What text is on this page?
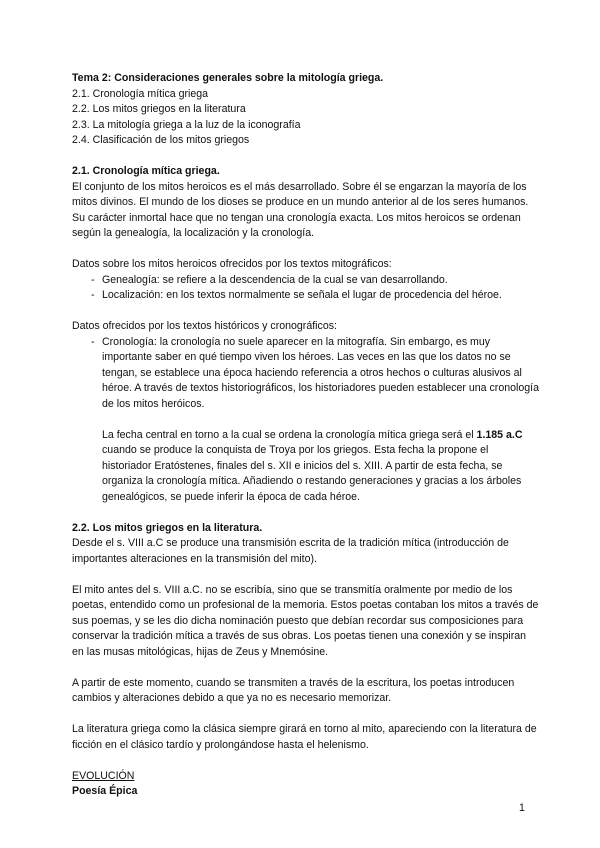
Tema 2: Consideraciones generales sobre la mitología griega.

2.1. Cronología mítica griega

2.2. Los mitos griegos en la literatura

2.3. La mitología griega a la luz de la iconografía

2.4. Clasificación de los mitos griegos

2.1. Cronología mítica griega.

El conjunto de los mitos heroicos es el más desarrollado. Sobre él se engarzan la mayoría de los mitos divinos. El mundo de los dioses se produce en un mundo anterior al de los seres humanos. Su carácter inmortal hace que no tengan una cronología exacta. Los mitos heroicos se ordenan según la genealogía, la localización y la cronología.

Datos sobre los mitos heroicos ofrecidos por los textos mitográficos:

- Genealogía: se refiere a la descendencia de la cual se van desarrollando.
- Localización: en los textos normalmente se señala el lugar de procedencia del héroe.

Datos ofrecidos por los textos históricos y cronográficos:

- Cronología: la cronología no suele aparecer en la mitografía. Sin embargo, es muy importante saber en qué tiempo viven los héroes. Las veces en las que los datos no se tengan, se establece una época haciendo referencia a otros hechos o culturas alusivos al héroe. A través de textos historiográficos, los historiadores pueden establecer una cronología de los mitos heróicos.

La fecha central en torno a la cual se ordena la cronología mítica griega será el 1.185 a.C cuando se produce la conquista de Troya por los griegos. Esta fecha la propone el historiador Eratóstenes, finales del s. XII e inicios del s. XIII. A partir de esta fecha, se organiza la cronología mítica. Añadiendo o restando generaciones y gracias a los árboles genealógicos, se puede inferir la época de cada héroe.

2.2. Los mitos griegos en la literatura.

Desde el s. VIII a.C se produce una transmisión escrita de la tradición mítica (introducción de importantes alteraciones en la transmisión del mito).

El mito antes del s. VIII a.C. no se escribía, sino que se transmitía oralmente por medio de los poetas, entendido como un profesional de la memoria. Estos poetas contaban los mitos a través de sus poemas, y se les dio dicha nominación puesto que debían recordar sus composiciones para conservar la tradición mítica a través de sus obras. Los poetas tienen una conexión y se inspiran en las musas mitológicas, hijas de Zeus y Mnemósine.

A partir de este momento, cuando se transmiten a través de la escritura, los poetas introducen cambios y alteraciones debido a que ya no es necesario memorizar.

La literatura griega como la clásica siempre girará en torno al mito, apareciendo con la literatura de ficción en el clásico tardío y prolongándose hasta el helenismo.

EVOLUCIÓN

Poesía Épica

1
